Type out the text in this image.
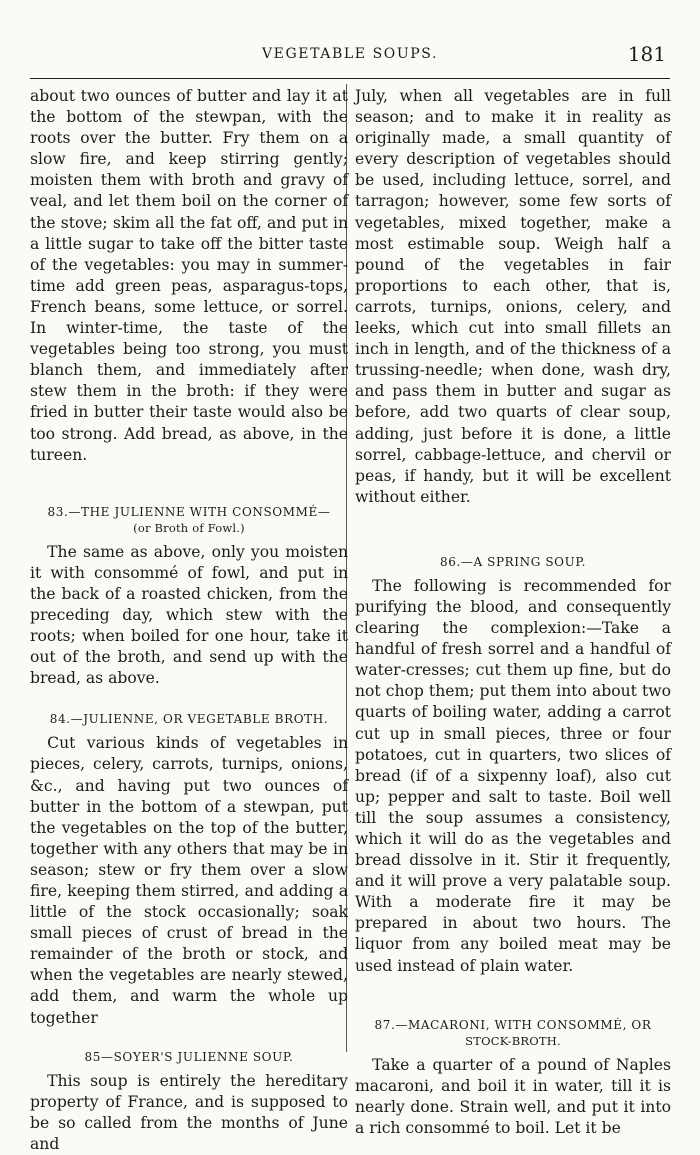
VEGETABLE SOUPS.	181

about two ounces of butter and lay it at the bottom of the stewpan, with the roots over the butter. Fry them on a slow fire, and keep stirring gently; moisten them with broth and gravy of veal, and let them boil on the corner of the stove; skim all the fat off, and put in a little sugar to take off the bitter taste of the vegetables: you may in summer-time add green peas, asparagus-tops, French beans, some lettuce, or sorrel. In winter-time, the taste of the vegetables being too strong, you must blanch them, and immediately after stew them in the broth: if they were fried in butter their taste would also be too strong. Add bread, as above, in the tureen.

83.—THE JULIENNE WITH CONSOMMÉ—
(or Broth of Fowl.)

The same as above, only you moisten it with consommé of fowl, and put in the back of a roasted chicken, from the preceding day, which stew with the roots; when boiled for one hour, take it out of the broth, and send up with the bread, as above.

84.—JULIENNE, OR VEGETABLE BROTH.

Cut various kinds of vegetables in pieces, celery, carrots, turnips, onions, &c., and having put two ounces of butter in the bottom of a stewpan, put the vegetables on the top of the butter, together with any others that may be in season; stew or fry them over a slow fire, keeping them stirred, and adding a little of the stock occasionally; soak small pieces of crust of bread in the remainder of the broth or stock, and when the vegetables are nearly stewed, add them, and warm the whole up together

85—SOYER'S JULIENNE SOUP.

This soup is entirely the hereditary property of France, and is supposed to be so called from the months of June and

July, when all vegetables are in full season; and to make it in reality as originally made, a small quantity of every description of vegetables should be used, including lettuce, sorrel, and tarragon; however, some few sorts of vegetables, mixed together, make a most estimable soup. Weigh half a pound of the vegetables in fair proportions to each other, that is, carrots, turnips, onions, celery, and leeks, which cut into small fillets an inch in length, and of the thickness of a trussing-needle; when done, wash dry, and pass them in butter and sugar as before, add two quarts of clear soup, adding, just before it is done, a little sorrel, cabbage-lettuce, and chervil or peas, if handy, but it will be excellent without either.

86.—A SPRING SOUP.

The following is recommended for purifying the blood, and consequently clearing the complexion:—Take a handful of fresh sorrel and a handful of water-cresses; cut them up fine, but do not chop them; put them into about two quarts of boiling water, adding a carrot cut up in small pieces, three or four potatoes, cut in quarters, two slices of bread (if of a sixpenny loaf), also cut up; pepper and salt to taste. Boil well till the soup assumes a consistency, which it will do as the vegetables and bread dissolve in it. Stir it frequently, and it will prove a very palatable soup. With a moderate fire it may be prepared in about two hours. The liquor from any boiled meat may be used instead of plain water.

87.—MACARONI, WITH CONSOMMÉ, OR
STOCK-BROTH.

Take a quarter of a pound of Naples macaroni, and boil it in water, till it is nearly done. Strain well, and put it into a rich consommé to boil. Let it be
